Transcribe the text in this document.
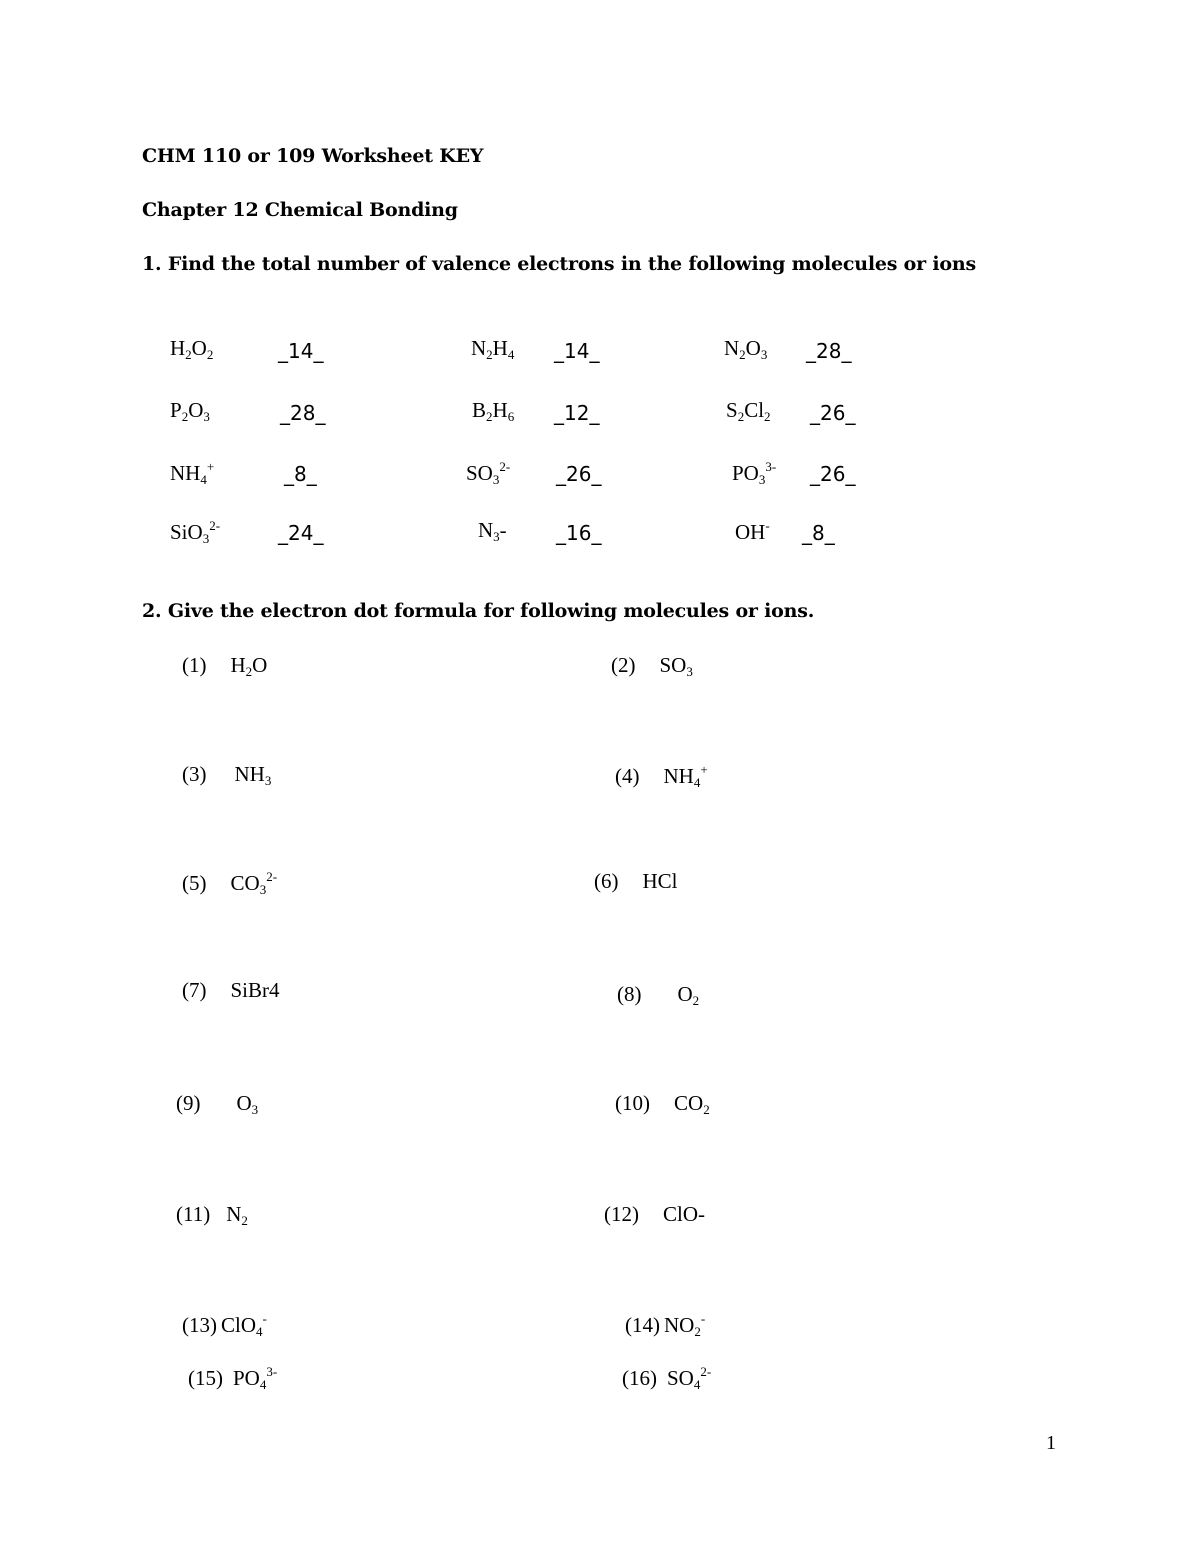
CHM 110 or 109 Worksheet KEY
Chapter 12 Chemical Bonding
1. Find the total number of valence electrons in the following molecules or ions
$H_2O_2$	_14_	$N_2H_4$ _14_	$N_2O_3$ _28_
$P_2O_3$	_28_	$B_2H_6$ _12_	$S_2Cl_2$ _26_
$NH_4^+$	_8_	$SO_3^{2-}$ _26_	$PO_3^{3-}$ _26_
SiO$_3^{2-}$	_24_	$N_3-$ _16_	OH- _8_
2. Give the electron dot formula for following molecules or ions.
(1) $H_2O$	(2) $SO_3$
(3) $NH_3$	(4) $NH_4^+$
(5) $CO_3^{2-}$	(6) HCl
(7) SiBr4	(8) $O_2$
(9) $O_3$	(10) $CO_2$
(11) $N_2$	(12) ClO-
(13) ClO$_4$-	(14) $NO_2^-$
(15) $PO_4^{3-}$	(16) $SO_4^{2-}$
1
